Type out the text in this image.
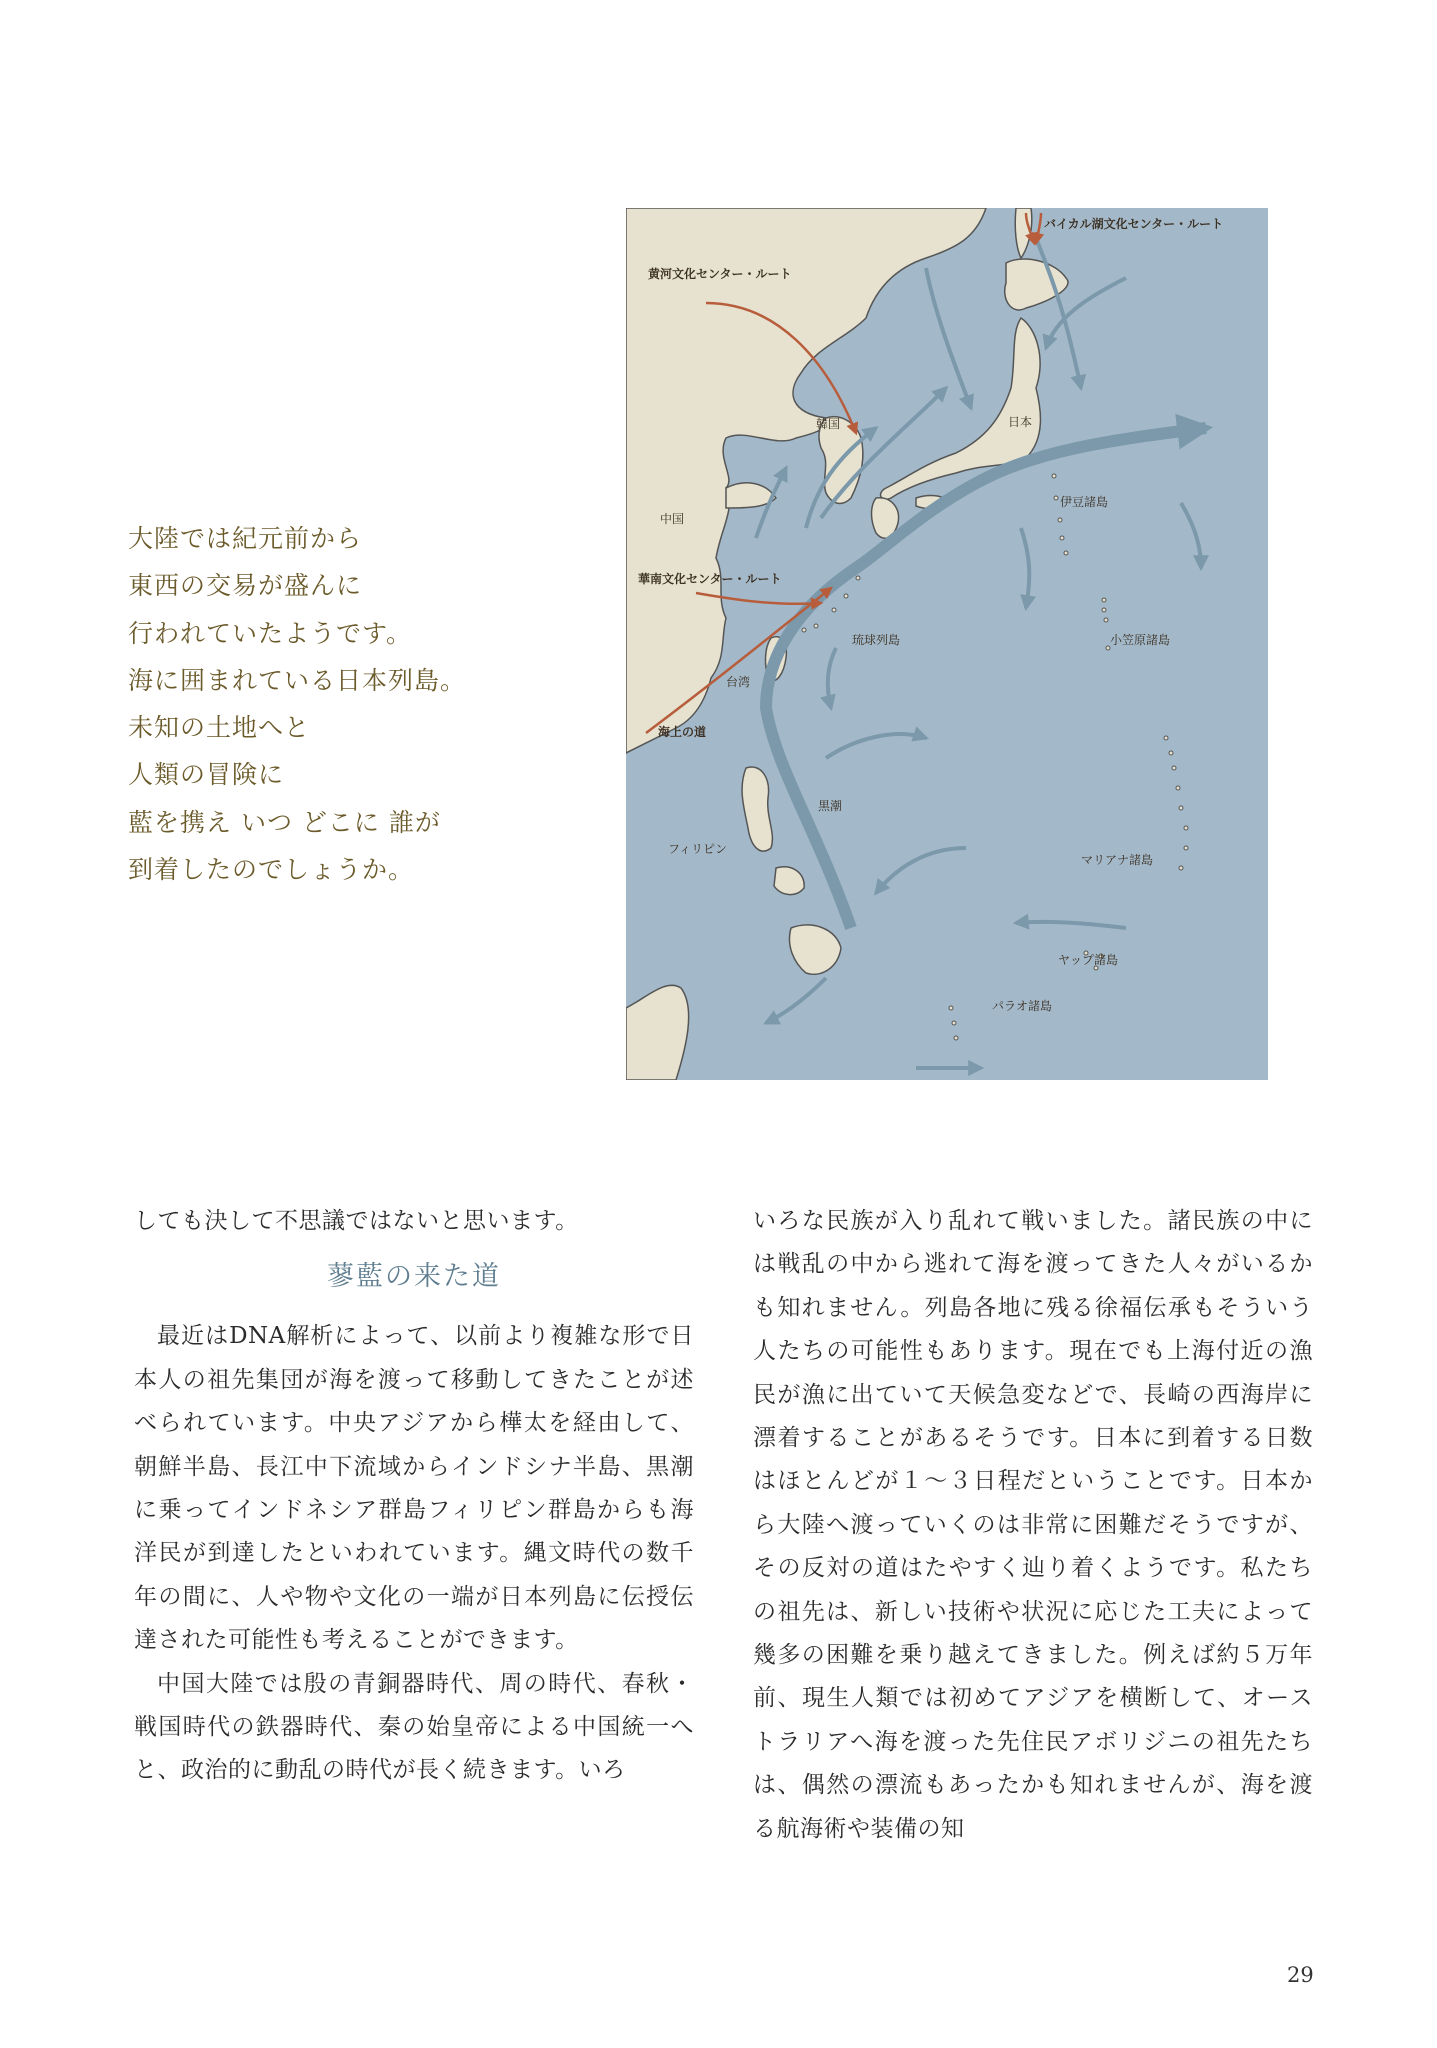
大陸では紀元前から
東西の交易が盛んに
行われていたようです。
海に囲まれている日本列島。
未知の土地へと
人類の冒険に
藍を携え いつ どこに 誰が
到着したのでしょうか。
バイカル湖文化センター・ルート
黄河文化センター・ルート
華南文化センター・ルート
海上の道
韓国	日本
中国
伊豆諸島
琉球列島	小笠原諸島
台湾
黒潮
フィリピン
マリアナ諸島
ヤップ諸島
パラオ諸島

しても決して不思議ではないと思います。

蓼藍の来た道

最近はDNA解析によって、以前より複雑な形で日本人の祖先集団が海を渡って移動してきたことが述べられています。中央アジアから樺太を経由して、朝鮮半島、長江中下流域からインドシナ半島、黒潮に乗ってインドネシア群島フィリピン群島からも海洋民が到達したといわれています。縄文時代の数千年の間に、人や物や文化の一端が日本列島に伝授伝達された可能性も考えることができます。

中国大陸では殷の青銅器時代、周の時代、春秋・戦国時代の鉄器時代、秦の始皇帝による中国統一へと、政治的に動乱の時代が長く続きます。いろ

いろな民族が入り乱れて戦いました。諸民族の中には戦乱の中から逃れて海を渡ってきた人々がいるかも知れません。列島各地に残る徐福伝承もそういう人たちの可能性もあります。現在でも上海付近の漁民が漁に出ていて天候急変などで、長崎の西海岸に漂着することがあるそうです。日本に到着する日数はほとんどが１〜３日程だということです。日本から大陸へ渡っていくのは非常に困難だそうですが、その反対の道はたやすく辿り着くようです。私たちの祖先は、新しい技術や状況に応じた工夫によって幾多の困難を乗り越えてきました。例えば約５万年前、現生人類では初めてアジアを横断して、オーストラリアへ海を渡った先住民アボリジニの祖先たちは、偶然の漂流もあったかも知れませんが、海を渡る航海術や装備の知

29
